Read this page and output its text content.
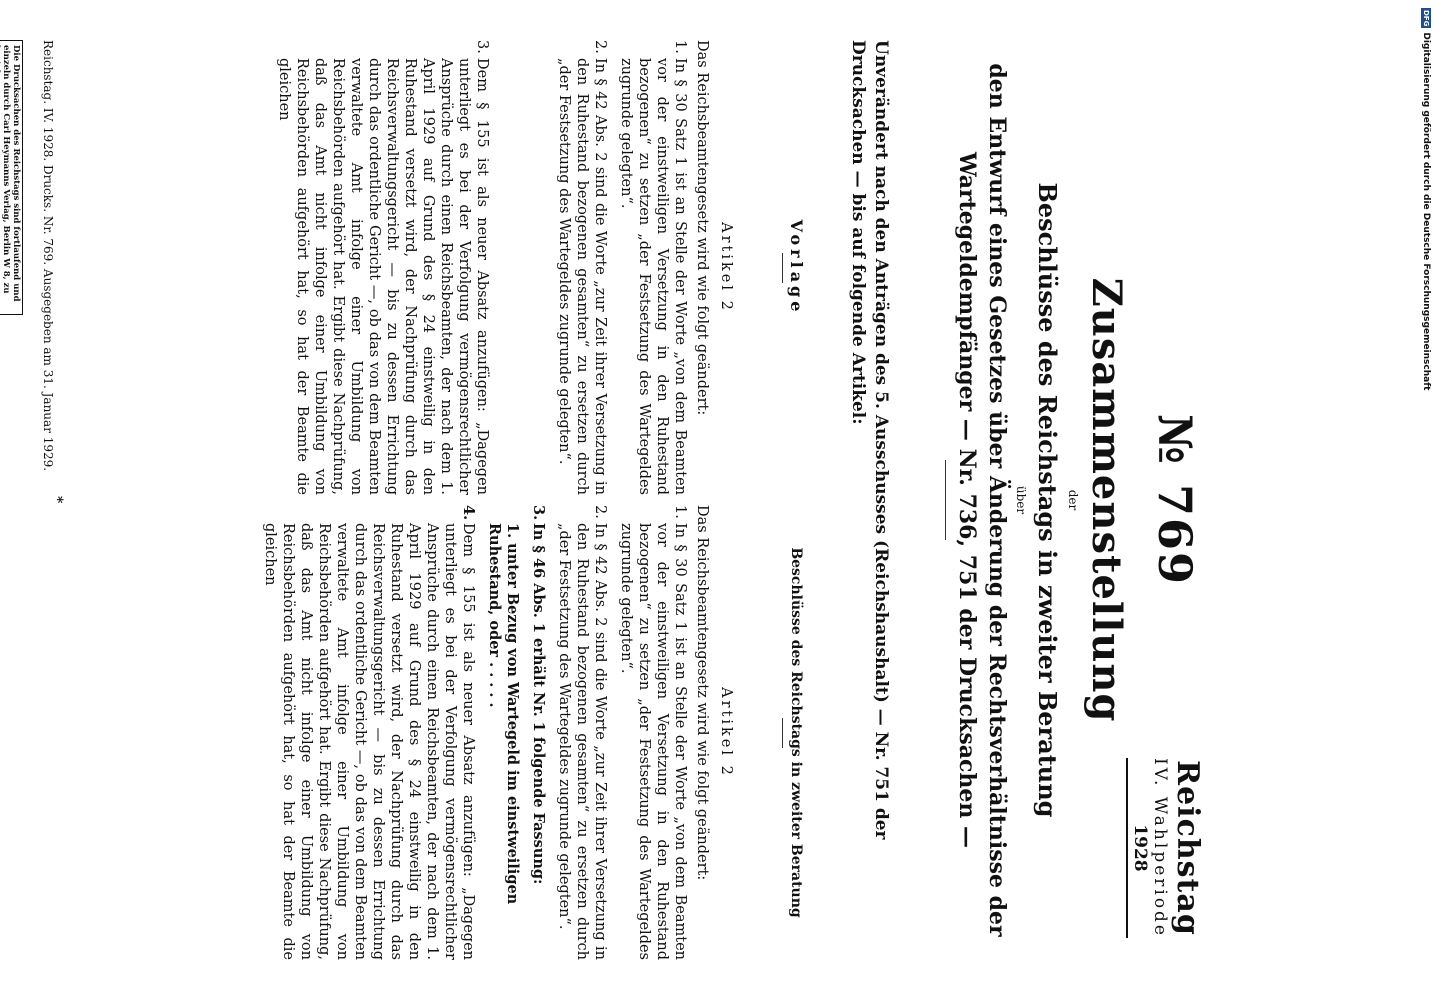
Reichstag
IV. Wahlperiode
1928
№ 769
Zusammenstellung
der
Beschlüsse des Reichstags in zweiter Beratung
über
den Entwurf eines Gesetzes über Änderung der Rechtsverhältnisse der Wartegeldempfänger — Nr. 736, 751 der Drucksachen —
Unverändert nach den Anträgen des 5. Ausschusses (Reichshaushalt) — Nr. 751 der Drucksachen — bis auf folgende Artikel:
Vorlage
Artikel 2
Das Reichsbeamtengesetz wird wie folgt geändert:
1.
In § 30 Satz 1 ist an Stelle der Worte „von dem Beamten vor der einstweiligen Versetzung in den Ruhestand bezogenen“ zu setzen „der Festsetzung des Wartegeldes zugrunde gelegten“.
2.
In § 42 Abs. 2 sind die Worte „zur Zeit ihrer Versetzung in den Ruhestand bezogenen gesamten“ zu ersetzen durch „der Festsetzung des Wartegeldes zugrunde gelegten“.
3.
Dem § 155 ist als neuer Absatz anzufügen: „Dagegen unterliegt es bei der Verfolgung vermögensrechtlicher Ansprüche durch einen Reichsbeamten, der nach dem 1. April 1929 auf Grund des § 24 einstweilig in den Ruhestand versetzt wird, der Nachprüfung durch das Reichsverwaltungsgericht — bis zu dessen Errichtung durch das ordentliche Gericht —, ob das von dem Beamten verwaltete Amt infolge einer Umbildung von Reichsbehörden aufgehört hat. Ergibt diese Nachprüfung, daß das Amt nicht infolge einer Umbildung von Reichsbehörden aufgehört hat, so hat der Beamte die gleichen
Beschlüsse des Reichstags in zweiter Beratung
Artikel 2
Das Reichsbeamtengesetz wird wie folgt geändert:
1.
In § 30 Satz 1 ist an Stelle der Worte „von dem Beamten vor der einstweiligen Versetzung in den Ruhestand bezogenen“ zu setzen „der Festsetzung des Wartegeldes zugrunde gelegten“.
2.
In § 42 Abs. 2 sind die Worte „zur Zeit ihrer Versetzung in den Ruhestand bezogenen gesamten“ zu ersetzen durch „der Festsetzung des Wartegeldes zugrunde gelegten“.
3.
In § 46 Abs. 1 erhält Nr. 1 folgende Fassung:
1. unter Bezug von Wartegeld im einstweiligen Ruhestand, oder . . . . .
4.
Dem § 155 ist als neuer Absatz anzufügen: „Dagegen unterliegt es bei der Verfolgung vermögensrechtlicher Ansprüche durch einen Reichsbeamten, der nach dem 1. April 1929 auf Grund des § 24 einstweilig in den Ruhestand versetzt wird, der Nachprüfung durch das Reichsverwaltungsgericht — bis zu dessen Errichtung durch das ordentliche Gericht —, ob das von dem Beamten verwaltete Amt infolge einer Umbildung von Reichsbehörden aufgehört hat. Ergibt diese Nachprüfung, daß das Amt nicht infolge einer Umbildung von Reichsbehörden aufgehört hat, so hat der Beamte die gleichen
Reichstag. IV. 1928. Drucks. Nr. 769. Ausgegeben am 31. Januar 1929.
*
Die Drucksachen des Reichstags sind fortlaufend und einzeln durch Carl Heymanns Verlag, Berlin W 8, zu
DFG
Digitalisierung gefördert durch die Deutsche Forschungsgemeinschaft
